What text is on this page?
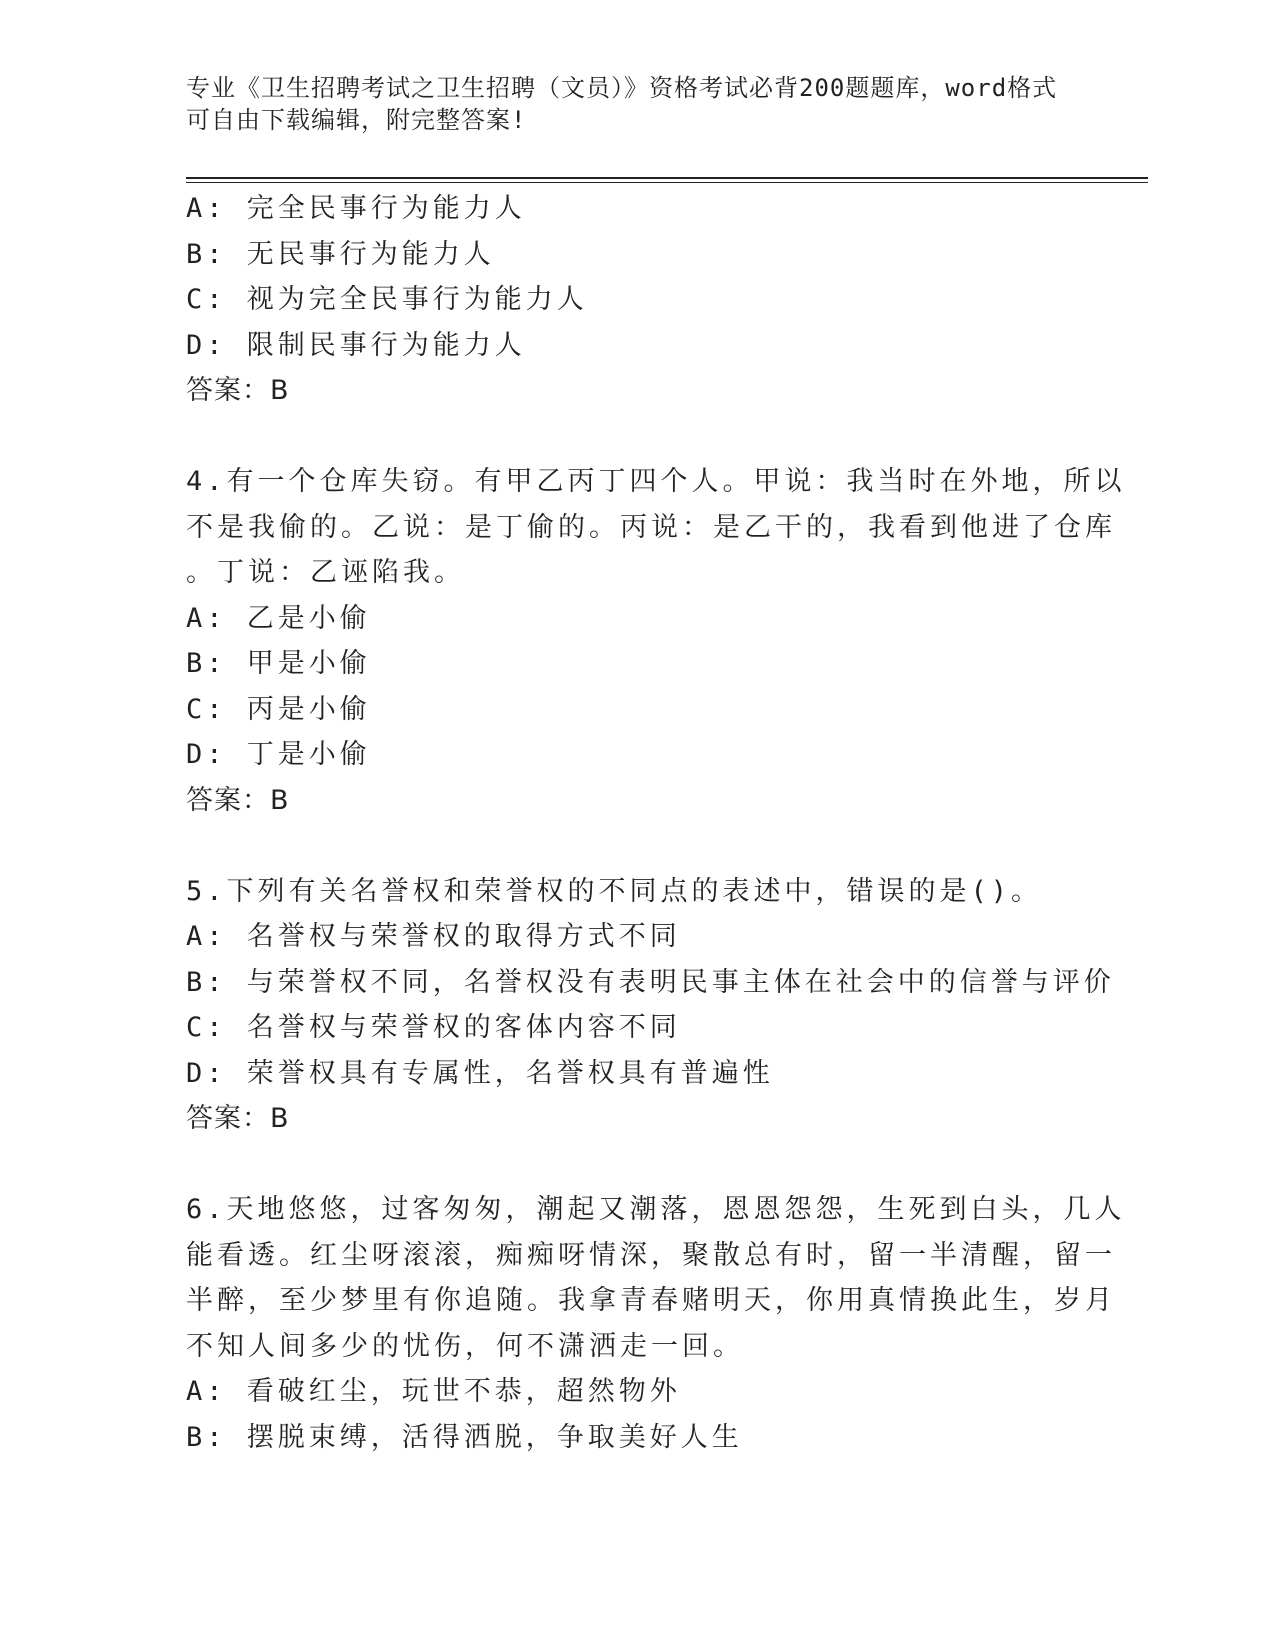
专业《卫生招聘考试之卫生招聘（文员）》资格考试必背200题题库，word格式
可自由下载编辑，附完整答案!
A: 完全民事行为能力人
B: 无民事行为能力人
C: 视为完全民事行为能力人
D: 限制民事行为能力人
答案：B
4.有一个仓库失窃。有甲乙丙丁四个人。甲说：我当时在外地，所以
不是我偷的。乙说：是丁偷的。丙说：是乙干的，我看到他进了仓库
。丁说：乙诬陷我。
A: 乙是小偷
B: 甲是小偷
C: 丙是小偷
D: 丁是小偷
答案：B
5.下列有关名誉权和荣誉权的不同点的表述中，错误的是()。
A: 名誉权与荣誉权的取得方式不同
B: 与荣誉权不同，名誉权没有表明民事主体在社会中的信誉与评价
C: 名誉权与荣誉权的客体内容不同
D: 荣誉权具有专属性，名誉权具有普遍性
答案：B
6.天地悠悠，过客匆匆，潮起又潮落，恩恩怨怨，生死到白头，几人
能看透。红尘呀滚滚，痴痴呀情深，聚散总有时，留一半清醒，留一
半醉，至少梦里有你追随。我拿青春赌明天，你用真情换此生，岁月
不知人间多少的忧伤，何不潇洒走一回。
A: 看破红尘，玩世不恭，超然物外
B: 摆脱束缚，活得洒脱，争取美好人生
